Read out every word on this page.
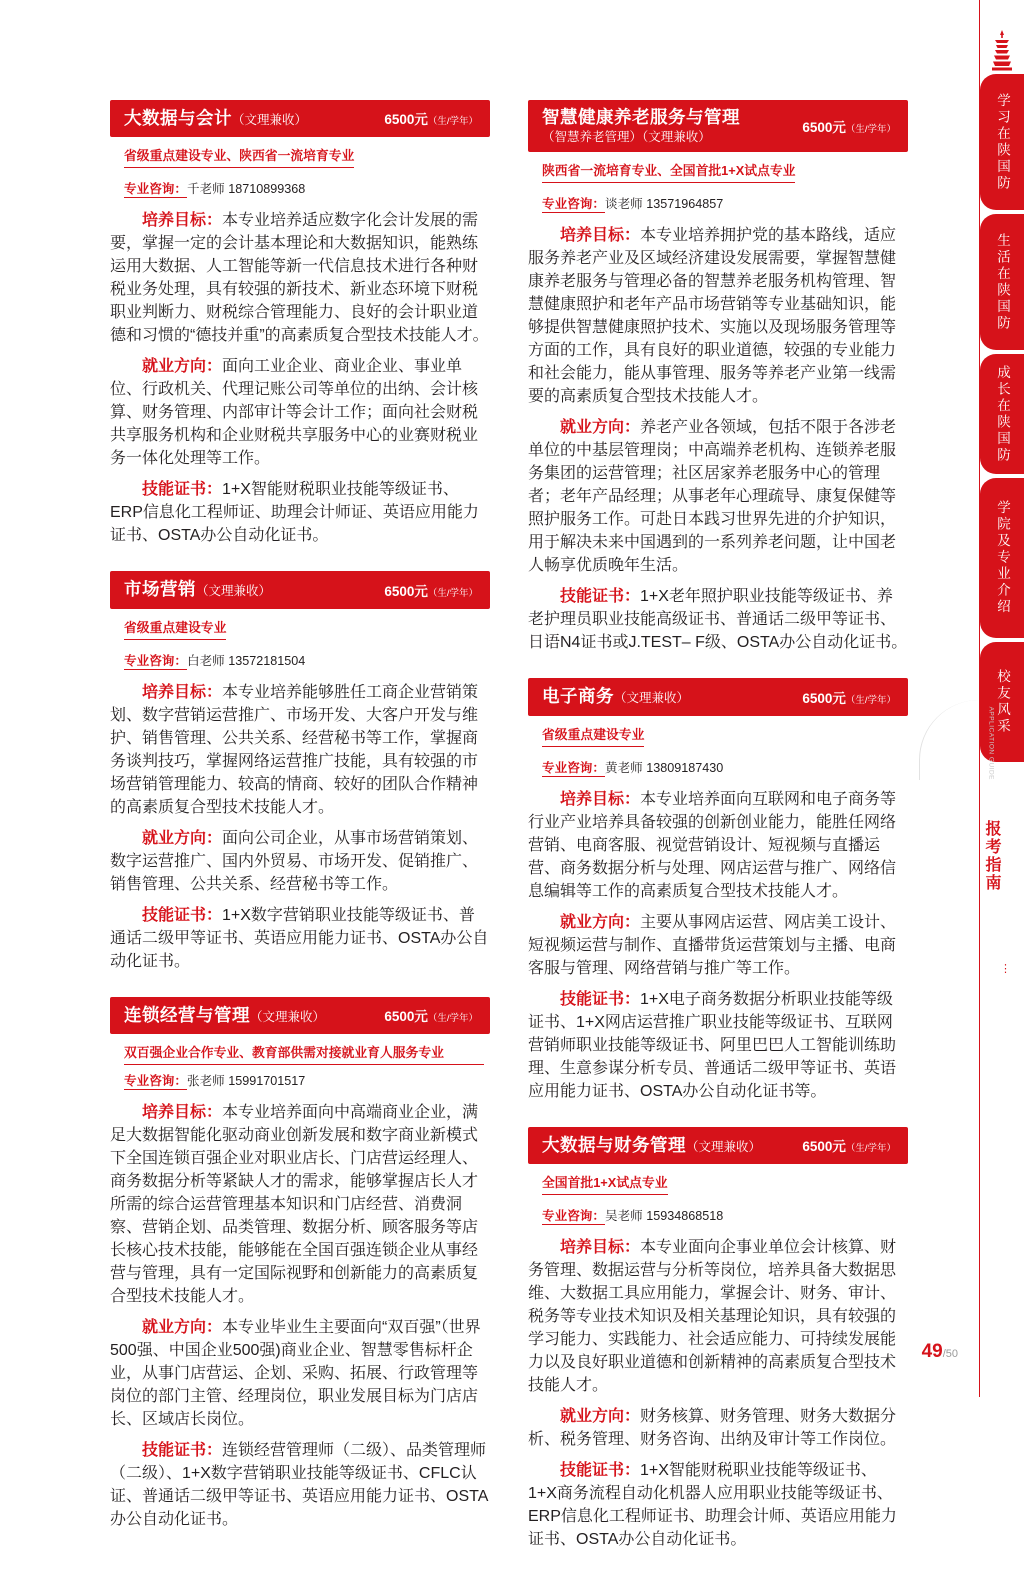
大数据与会计（文理兼收）	6500元（生/学年）
省级重点建设专业、陕西省一流培育专业
专业咨询：千老师 18710899368

培养目标：本专业培养适应数字化会计发展的需要，掌握一定的会计基本理论和大数据知识，能熟练运用大数据、人工智能等新一代信息技术进行各种财税业务处理，具有较强的新技术、新业态环境下财税职业判断力、财税综合管理能力、良好的会计职业道德和习惯的“德技并重”的高素质复合型技术技能人才。

就业方向：面向工业企业、商业企业、事业单位、行政机关、代理记账公司等单位的出纳、会计核算、财务管理、内部审计等会计工作；面向社会财税共享服务机构和企业财税共享服务中心的业赛财税业务一体化处理等工作。

技能证书：1+X智能财税职业技能等级证书、ERP信息化工程师证、助理会计师证、英语应用能力证书、OSTA办公自动化证书。

市场营销（文理兼收）	6500元（生/学年）
省级重点建设专业
专业咨询：白老师 13572181504

培养目标：本专业培养能够胜任工商企业营销策划、数字营销运营推广、市场开发、大客户开发与维护、销售管理、公共关系、经营秘书等工作，掌握商务谈判技巧，掌握网络运营推广技能，具有较强的市场营销管理能力、较高的情商、较好的团队合作精神的高素质复合型技术技能人才。

就业方向：面向公司企业，从事市场营销策划、数字运营推广、国内外贸易、市场开发、促销推广、销售管理、公共关系、经营秘书等工作。

技能证书：1+X数字营销职业技能等级证书、普通话二级甲等证书、英语应用能力证书、OSTA办公自动化证书。

连锁经营与管理（文理兼收）	6500元（生/学年）
双百强企业合作专业、教育部供需对接就业育人服务专业
专业咨询：张老师 15991701517

培养目标：本专业培养面向中高端商业企业，满足大数据智能化驱动商业创新发展和数字商业新模式下全国连锁百强企业对职业店长、门店营运经理人、商务数据分析等紧缺人才的需求，能够掌握店长人才所需的综合运营管理基本知识和门店经营、消费洞察、营销企划、品类管理、数据分析、顾客服务等店长核心技术技能，能够能在全国百强连锁企业从事经营与管理，具有一定国际视野和创新能力的高素质复合型技术技能人才。

就业方向：本专业毕业生主要面向“双百强”（世界500强、中国企业500强)商业企业、智慧零售标杆企业，从事门店营运、企划、采购、拓展、行政管理等岗位的部门主管、经理岗位，职业发展目标为门店店长、区域店长岗位。

技能证书：连锁经营管理师（二级）、品类管理师（二级）、1+X数字营销职业技能等级证书、CFLC认证、普通话二级甲等证书、英语应用能力证书、OSTA办公自动化证书。

智慧健康养老服务与管理
（智慧养老管理）（文理兼收）
6500元（生/学年）
陕西省一流培育专业、全国首批1+X试点专业
专业咨询：谈老师 13571964857

培养目标：本专业培养拥护党的基本路线，适应服务养老产业及区域经济建设发展需要，掌握智慧健康养老服务与管理必备的智慧养老服务机构管理、智慧健康照护和老年产品市场营销等专业基础知识，能够提供智慧健康照护技术、实施以及现场服务管理等方面的工作，具有良好的职业道德，较强的专业能力和社会能力，能从事管理、服务等养老产业第一线需要的高素质复合型技术技能人才。

就业方向：养老产业各领域，包括不限于各涉老单位的中基层管理岗；中高端养老机构、连锁养老服务集团的运营管理；社区居家养老服务中心的管理者；老年产品经理；从事老年心理疏导、康复保健等照护服务工作。可赴日本践习世界先进的介护知识，用于解决未来中国遇到的一系列养老问题，让中国老人畅享优质晚年生活。

技能证书：1+X老年照护职业技能等级证书、养老护理员职业技能高级证书、普通话二级甲等证书、日语N4证书或J.TEST– F级、OSTA办公自动化证书。

电子商务（文理兼收）	6500元（生/学年）
省级重点建设专业
专业咨询：黄老师 13809187430

培养目标：本专业培养面向互联网和电子商务等行业产业培养具备较强的创新创业能力，能胜任网络营销、电商客服、视觉营销设计、短视频与直播运营、商务数据分析与处理、网店运营与推广、网络信息编辑等工作的高素质复合型技术技能人才。

就业方向：主要从事网店运营、网店美工设计、短视频运营与制作、直播带货运营策划与主播、电商客服与管理、网络营销与推广等工作。

技能证书：1+X电子商务数据分析职业技能等级证书、1+X网店运营推广职业技能等级证书、互联网营销师职业技能等级证书、阿里巴巴人工智能训练助理、生意参谋分析专员、普通话二级甲等证书、英语应用能力证书、OSTA办公自动化证书等。

大数据与财务管理（文理兼收）	6500元（生/学年）
全国首批1+X试点专业
专业咨询：吴老师 15934868518

培养目标：本专业面向企事业单位会计核算、财务管理、数据运营与分析等岗位，培养具备大数据思维、大数据工具应用能力，掌握会计、财务、审计、税务等专业技术知识及相关基理论知识，具有较强的学习能力、实践能力、社会适应能力、可持续发展能力以及良好职业道德和创新精神的高素质复合型技术技能人才。

就业方向：财务核算、财务管理、财务大数据分析、税务管理、财务咨询、出纳及审计等工作岗位。

技能证书：1+X智能财税职业技能等级证书、 1+X商务流程自动化机器人应用职业技能等级证书、ERP信息化工程师证书、助理会计师、英语应用能力证书、OSTA办公自动化证书。

学习在陕国防
生活在陕国防
成长在陕国防
学院及专业介绍
校友风采
APPLICATION GUIDE
报考指南
⋮
49/50
